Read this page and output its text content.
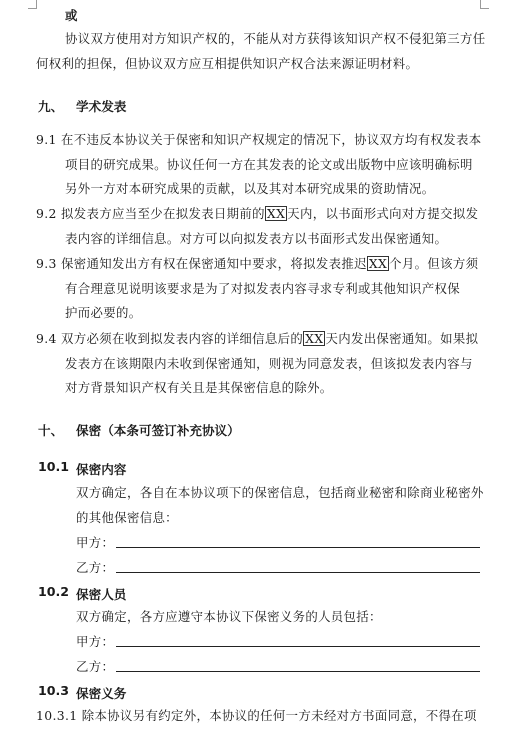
或
协议双方使用对方知识产权的，不能从对方获得该知识产权不侵犯第三方任
何权利的担保，但协议双方应互相提供知识产权合法来源证明材料。
九、 学术发表
9.1 在不违反本协议关于保密和知识产权规定的情况下，协议双方均有权发表本
项目的研究成果。协议任何一方在其发表的论文或出版物中应该明确标明
另外一方对本研究成果的贡献，以及其对本研究成果的资助情况。
9.2 拟发表方应当至少在拟发表日期前的 XX 天内，以书面形式向对方提交拟发
表内容的详细信息。对方可以向拟发表方以书面形式发出保密通知。
9.3 保密通知发出方有权在保密通知中要求，将拟发表推迟 XX 个月。但该方须
有合理意见说明该要求是为了对拟发表内容寻求专利或其他知识产权保
护而必要的。
9.4 双方必须在收到拟发表内容的详细信息后的 XX 天内发出保密通知。如果拟
发表方在该期限内未收到保密通知，则视为同意发表，但该拟发表内容与
对方背景知识产权有关且是其保密信息的除外。
十、 保密（本条可签订补充协议）
10.1 保密内容
双方确定，各自在本协议项下的保密信息，包括商业秘密和除商业秘密外
的其他保密信息：
甲方：
乙方：
10.2 保密人员
双方确定，各方应遵守本协议下保密义务的人员包括：
甲方：
乙方：
10.3 保密义务
10.3.1 除本协议另有约定外，本协议的任何一方未经对方书面同意，不得在项
